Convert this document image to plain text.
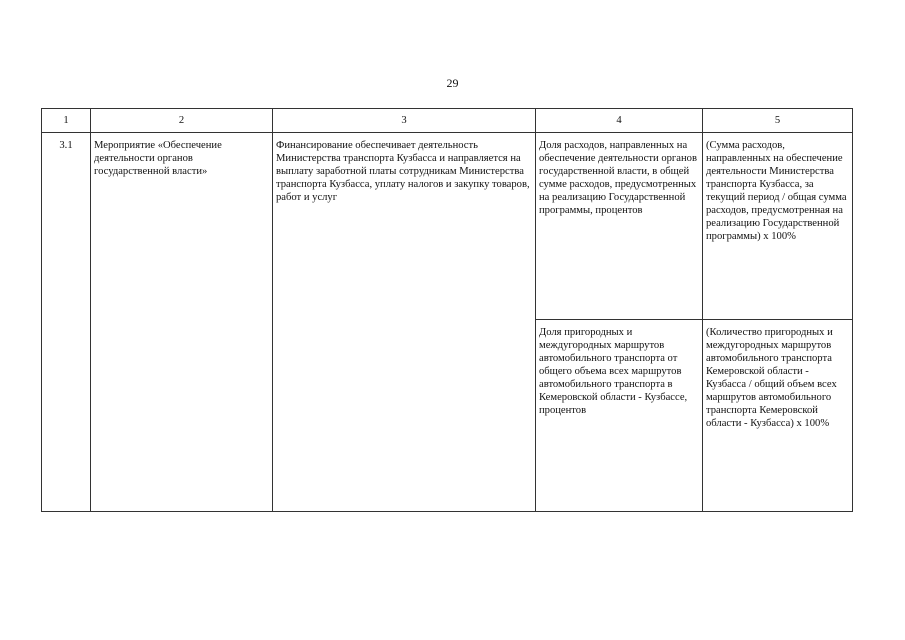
29
1	2	3	4	5

3.1	Мероприятие «Обеспечение деятельности органов государственной власти»	Финансирование обеспечивает деятельность Министерства транспорта Кузбасса и направляется на выплату заработной платы сотрудникам Министерства транспорта Кузбасса, уплату налогов и закупку товаров, работ и услуг	Доля расходов, направленных на обеспечение деятельности органов государственной власти, в общей сумме расходов, предусмотренных на реализацию Государственной программы, процентов	(Сумма расходов, направленных на обеспечение деятельности Министерства транспорта Кузбасса, за текущий период / общая сумма расходов, предусмотренная на реализацию Государственной программы) x 100%

			Доля пригородных и междугородных маршрутов автомобильного транспорта от общего объема всех маршрутов автомобильного транспорта в Кемеровской области - Кузбассе, процентов	(Количество пригородных и междугородных маршрутов автомобильного транспорта Кемеровской области - Кузбасса / общий объем всех маршрутов автомобильного транспорта Кемеровской области - Кузбасса) x 100%
